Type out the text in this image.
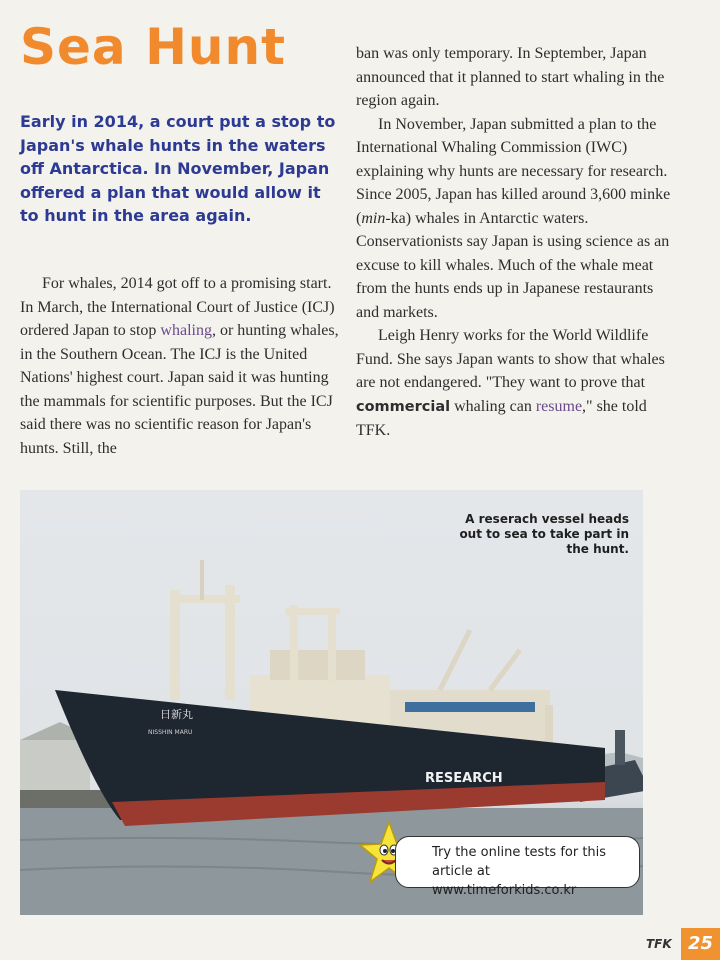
Sea Hunt

Early in 2014, a court put a stop to Japan's whale hunts in the waters off Antarctica. In November, Japan offered a plan that would allow it to hunt in the area again.

For whales, 2014 got off to a promising start. In March, the International Court of Justice (ICJ) ordered Japan to stop whaling, or hunting whales, in the Southern Ocean. The ICJ is the United Nations' highest court. Japan said it was hunting the mammals for scientific purposes. But the ICJ said there was no scientific reason for Japan's hunts. Still, the

ban was only temporary. In September, Japan announced that it planned to start whaling in the region again.

In November, Japan submitted a plan to the International Whaling Commission (IWC) explaining why hunts are necessary for research. Since 2005, Japan has killed around 3,600 minke (min-ka) whales in Antarctic waters. Conservationists say Japan is using science as an excuse to kill whales. Much of the whale meat from the hunts ends up in Japanese restaurants and markets.

Leigh Henry works for the World Wildlife Fund. She says Japan wants to show that whales are not endangered. "They want to prove that commercial whaling can resume," she told TFK.

日新丸
NISSHIN MARU
RESEARCH

A reserach vessel heads out to sea to take part in the hunt.

Try the online tests for this
article at www.timeforkids.co.kr
TFK 25
